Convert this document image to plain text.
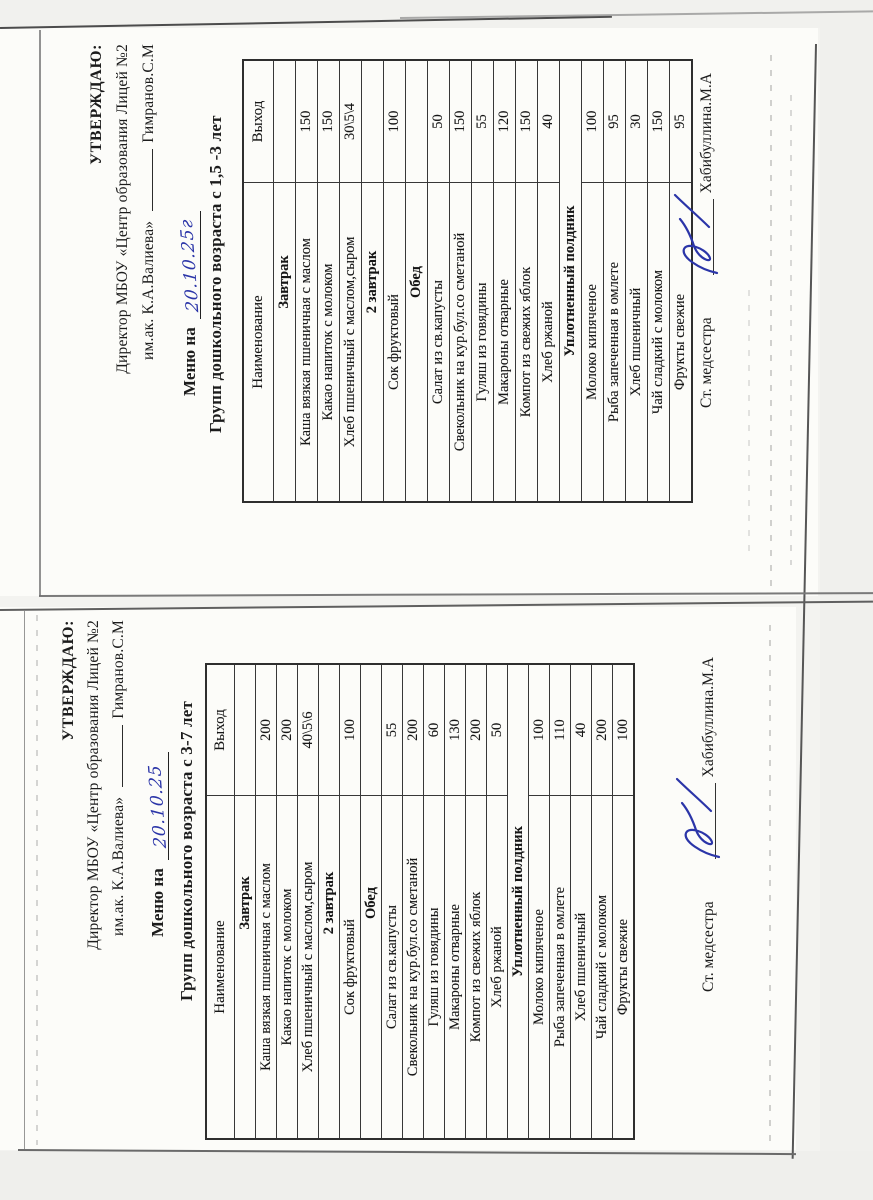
УТВЕРЖДАЮ: Директор МБОУ «Центр образования Лицей №2 им.ак. К.А.Валиева»Гимранов.С.М
Меню на20.10.25г Групп дошкольного возраста с 1,5 -3 лет Наименование	Выход
Завтрак	
Каша вязкая пшеничная с маслом	150
Какао напиток с молоком	150
Хлеб пшеничный с маслом,сыром	30\5\4
2 завтрак	
Сок фруктовый	100
Обед	
Салат из св.капусты	50
Свекольник на кур.бул.со сметаной	150
Гуляш из говядины	55
Макароны отварные	120
Компот из свежих яблок	150
Хлеб ржаной	40
Уплотненный полдник	
Молоко кипяченое	100
Рыба запеченная в омлете	95
Хлеб пшеничный	30
Чай сладкий с молоком	150
Фрукты свежие	95
Ст. медсестра
Хабибуллина.М.А
УТВЕРЖДАЮ: Директор МБОУ «Центр образования Лицей №2 им.ак. К.А.Валиева»Гимранов.С.М
Меню на20.10.25 Групп дошкольного возраста с 3-7 лет Наименование	Выход
Завтрак	
Каша вязкая пшеничная с маслом	200
Какао напиток с молоком	200
Хлеб пшеничный с маслом,сыром	40\5\6
2 завтрак	
Сок фруктовый	100
Обед	
Салат из св.капусты	55
Свекольник на кур.бул.со сметаной	200
Гуляш из говядины	60
Макароны отварные	130
Компот из свежих яблок	200
Хлеб ржаной	50
Уплотненный полдник	
Молоко кипяченое	100
Рыба запеченная в омлете	110
Хлеб пшеничный	40
Чай сладкий с молоком	200
Фрукты свежие	100
Ст. медсестра
Хабибуллина.М.А
